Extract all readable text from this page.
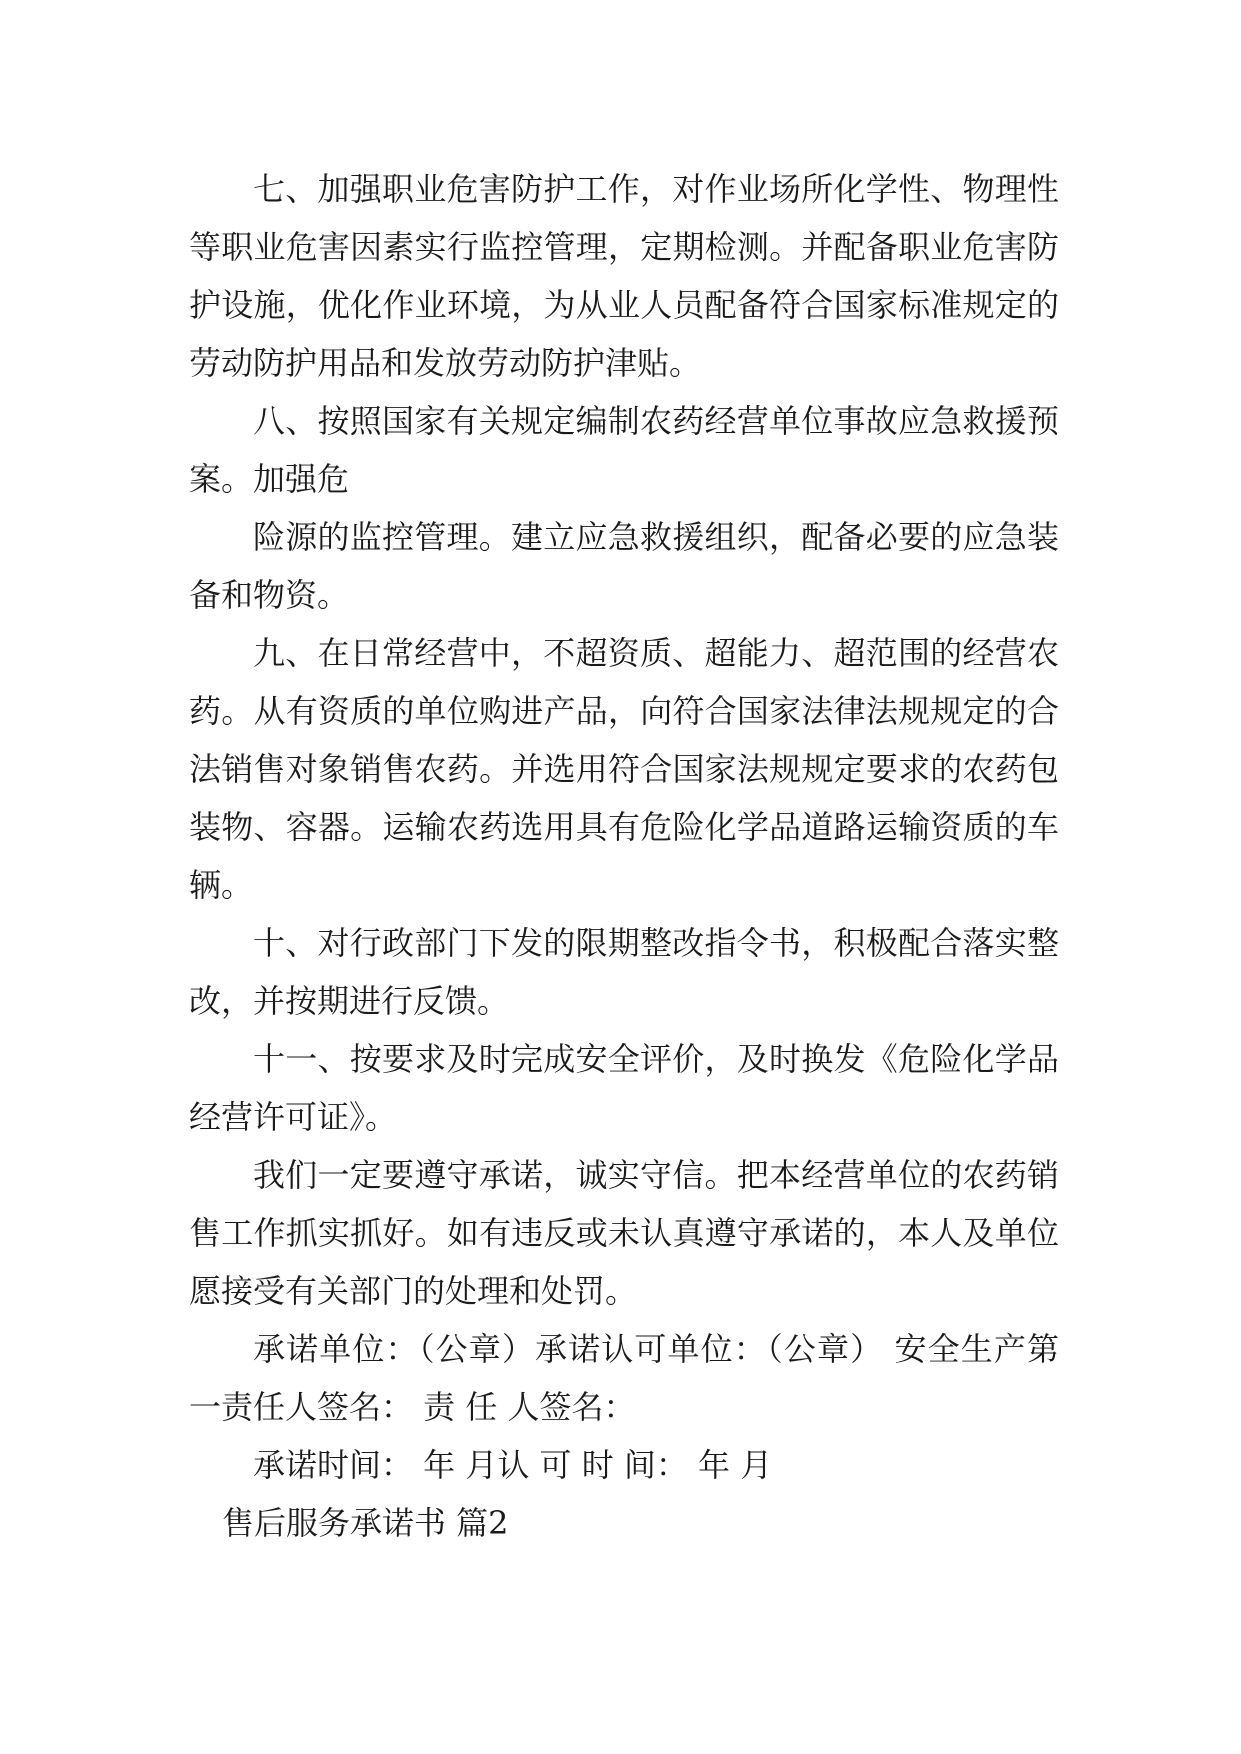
七、加强职业危害防护工作，对作业场所化学性、物理性等职业危害因素实行监控管理，定期检测。并配备职业危害防护设施，优化作业环境，为从业人员配备符合国家标准规定的劳动防护用品和发放劳动防护津贴。

八、按照国家有关规定编制农药经营单位事故应急救援预案。加强危

险源的监控管理。建立应急救援组织，配备必要的应急装备和物资。

九、在日常经营中，不超资质、超能力、超范围的经营农药。从有资质的单位购进产品，向符合国家法律法规规定的合法销售对象销售农药。并选用符合国家法规规定要求的农药包装物、容器。运输农药选用具有危险化学品道路运输资质的车辆。

十、对行政部门下发的限期整改指令书，积极配合落实整改，并按期进行反馈。

十一、按要求及时完成安全评价，及时换发《危险化学品经营许可证》。

我们一定要遵守承诺，诚实守信。把本经营单位的农药销售工作抓实抓好。如有违反或未认真遵守承诺的，本人及单位愿接受有关部门的处理和处罚。

承诺单位：（公章）承诺认可单位：（公章） 安全生产第一责任人签名： 责 任 人签名：

承诺时间： 年 月认 可 时 间： 年 月

售后服务承诺书 篇2
